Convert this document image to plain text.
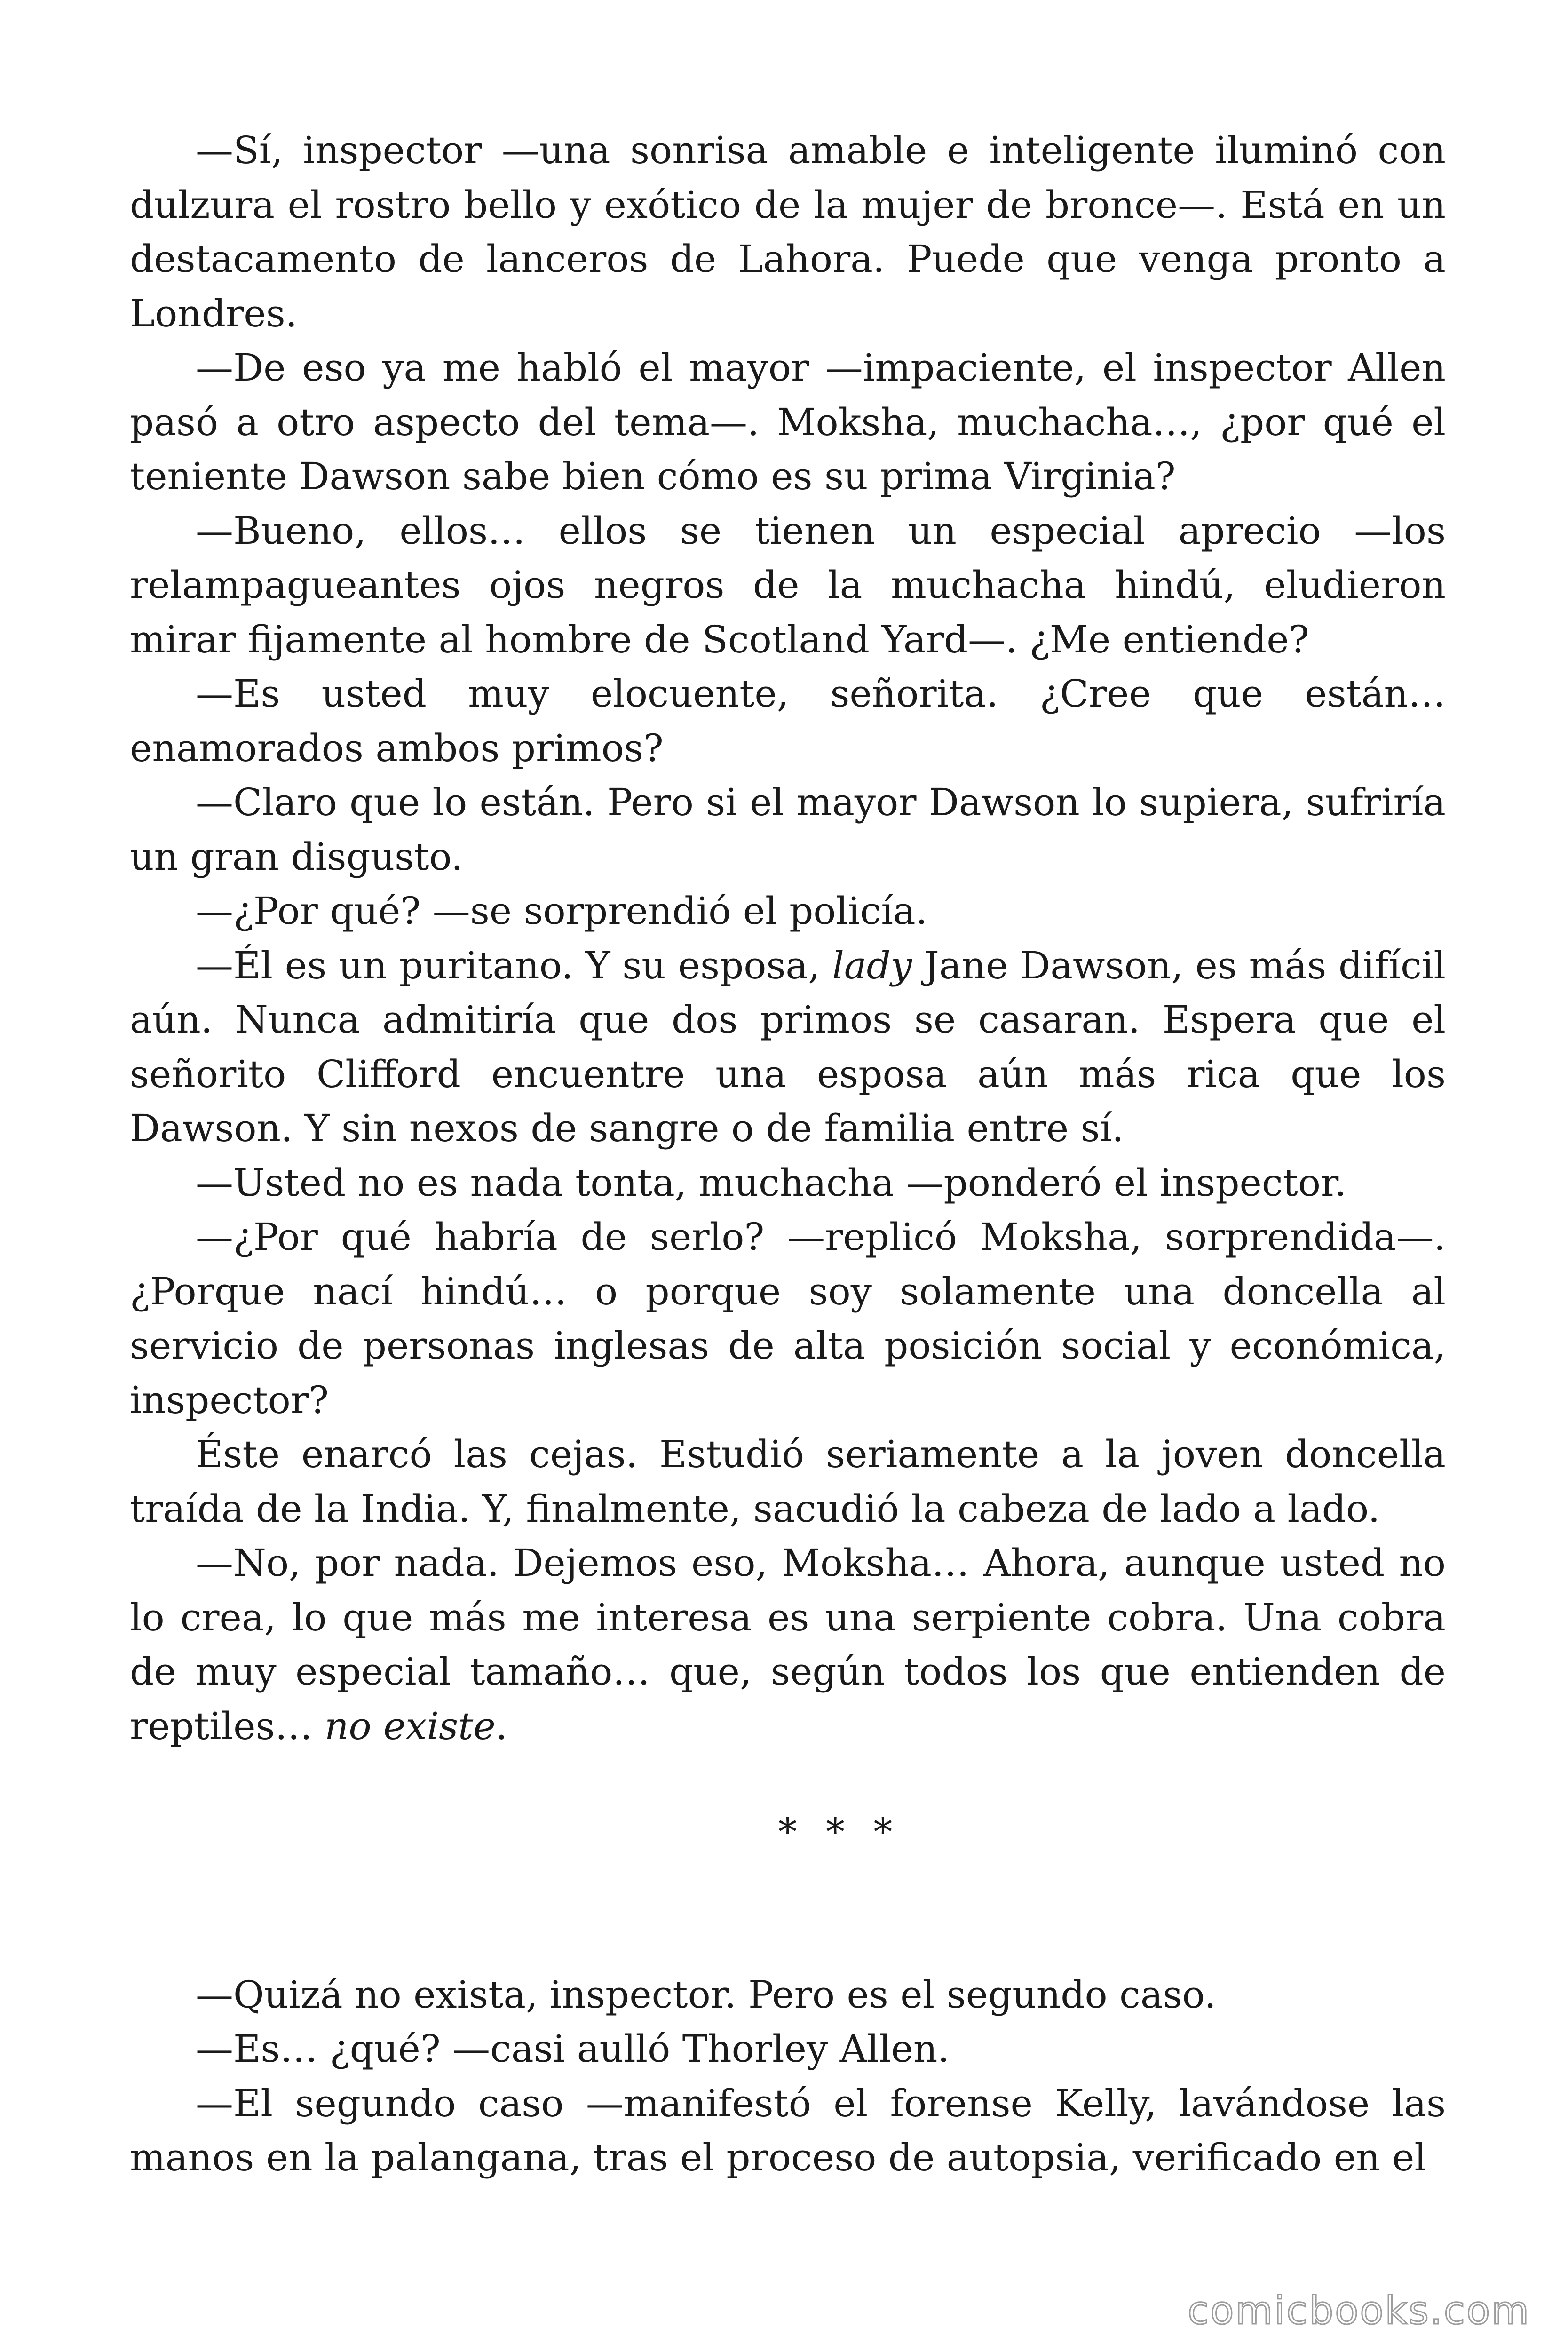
—Sí, inspector —una sonrisa amable e inteligente iluminó con dulzura el rostro bello y exótico de la mujer de bronce—. Está en un destacamento de lanceros de Lahora. Puede que venga pronto a Londres.

—De eso ya me habló el mayor —impaciente, el inspector Allen pasó a otro aspecto del tema—. Moksha, muchacha…, ¿por qué el teniente Dawson sabe bien cómo es su prima Virginia?

—Bueno, ellos… ellos se tienen un especial aprecio —los relampagueantes ojos negros de la muchacha hindú, eludieron mirar fijamente al hombre de Scotland Yard—. ¿Me entiende?

—Es usted muy elocuente, señorita. ¿Cree que están… enamorados ambos primos?

—Claro que lo están. Pero si el mayor Dawson lo supiera, sufriría un gran disgusto.

—¿Por qué? —se sorprendió el policía.

—Él es un puritano. Y su esposa, lady Jane Dawson, es más difícil aún. Nunca admitiría que dos primos se casaran. Espera que el señorito Clifford encuentre una esposa aún más rica que los Dawson. Y sin nexos de sangre o de familia entre sí.

—Usted no es nada tonta, muchacha —ponderó el inspector.

—¿Por qué habría de serlo? —replicó Moksha, sorprendida—. ¿Porque nací hindú… o porque soy solamente una doncella al servicio de personas inglesas de alta posición social y económica, inspector?

Éste enarcó las cejas. Estudió seriamente a la joven doncella traída de la India. Y, finalmente, sacudió la cabeza de lado a lado.

—No, por nada. Dejemos eso, Moksha… Ahora, aunque usted no lo crea, lo que más me interesa es una serpiente cobra. Una cobra de muy especial tamaño… que, según todos los que entienden de reptiles… no existe.

* * *

—Quizá no exista, inspector. Pero es el segundo caso.

—Es… ¿qué? —casi aulló Thorley Allen.

—El segundo caso —manifestó el forense Kelly, lavándose las manos en la palangana, tras el proceso de autopsia, verificado en el

comicbooks.com
